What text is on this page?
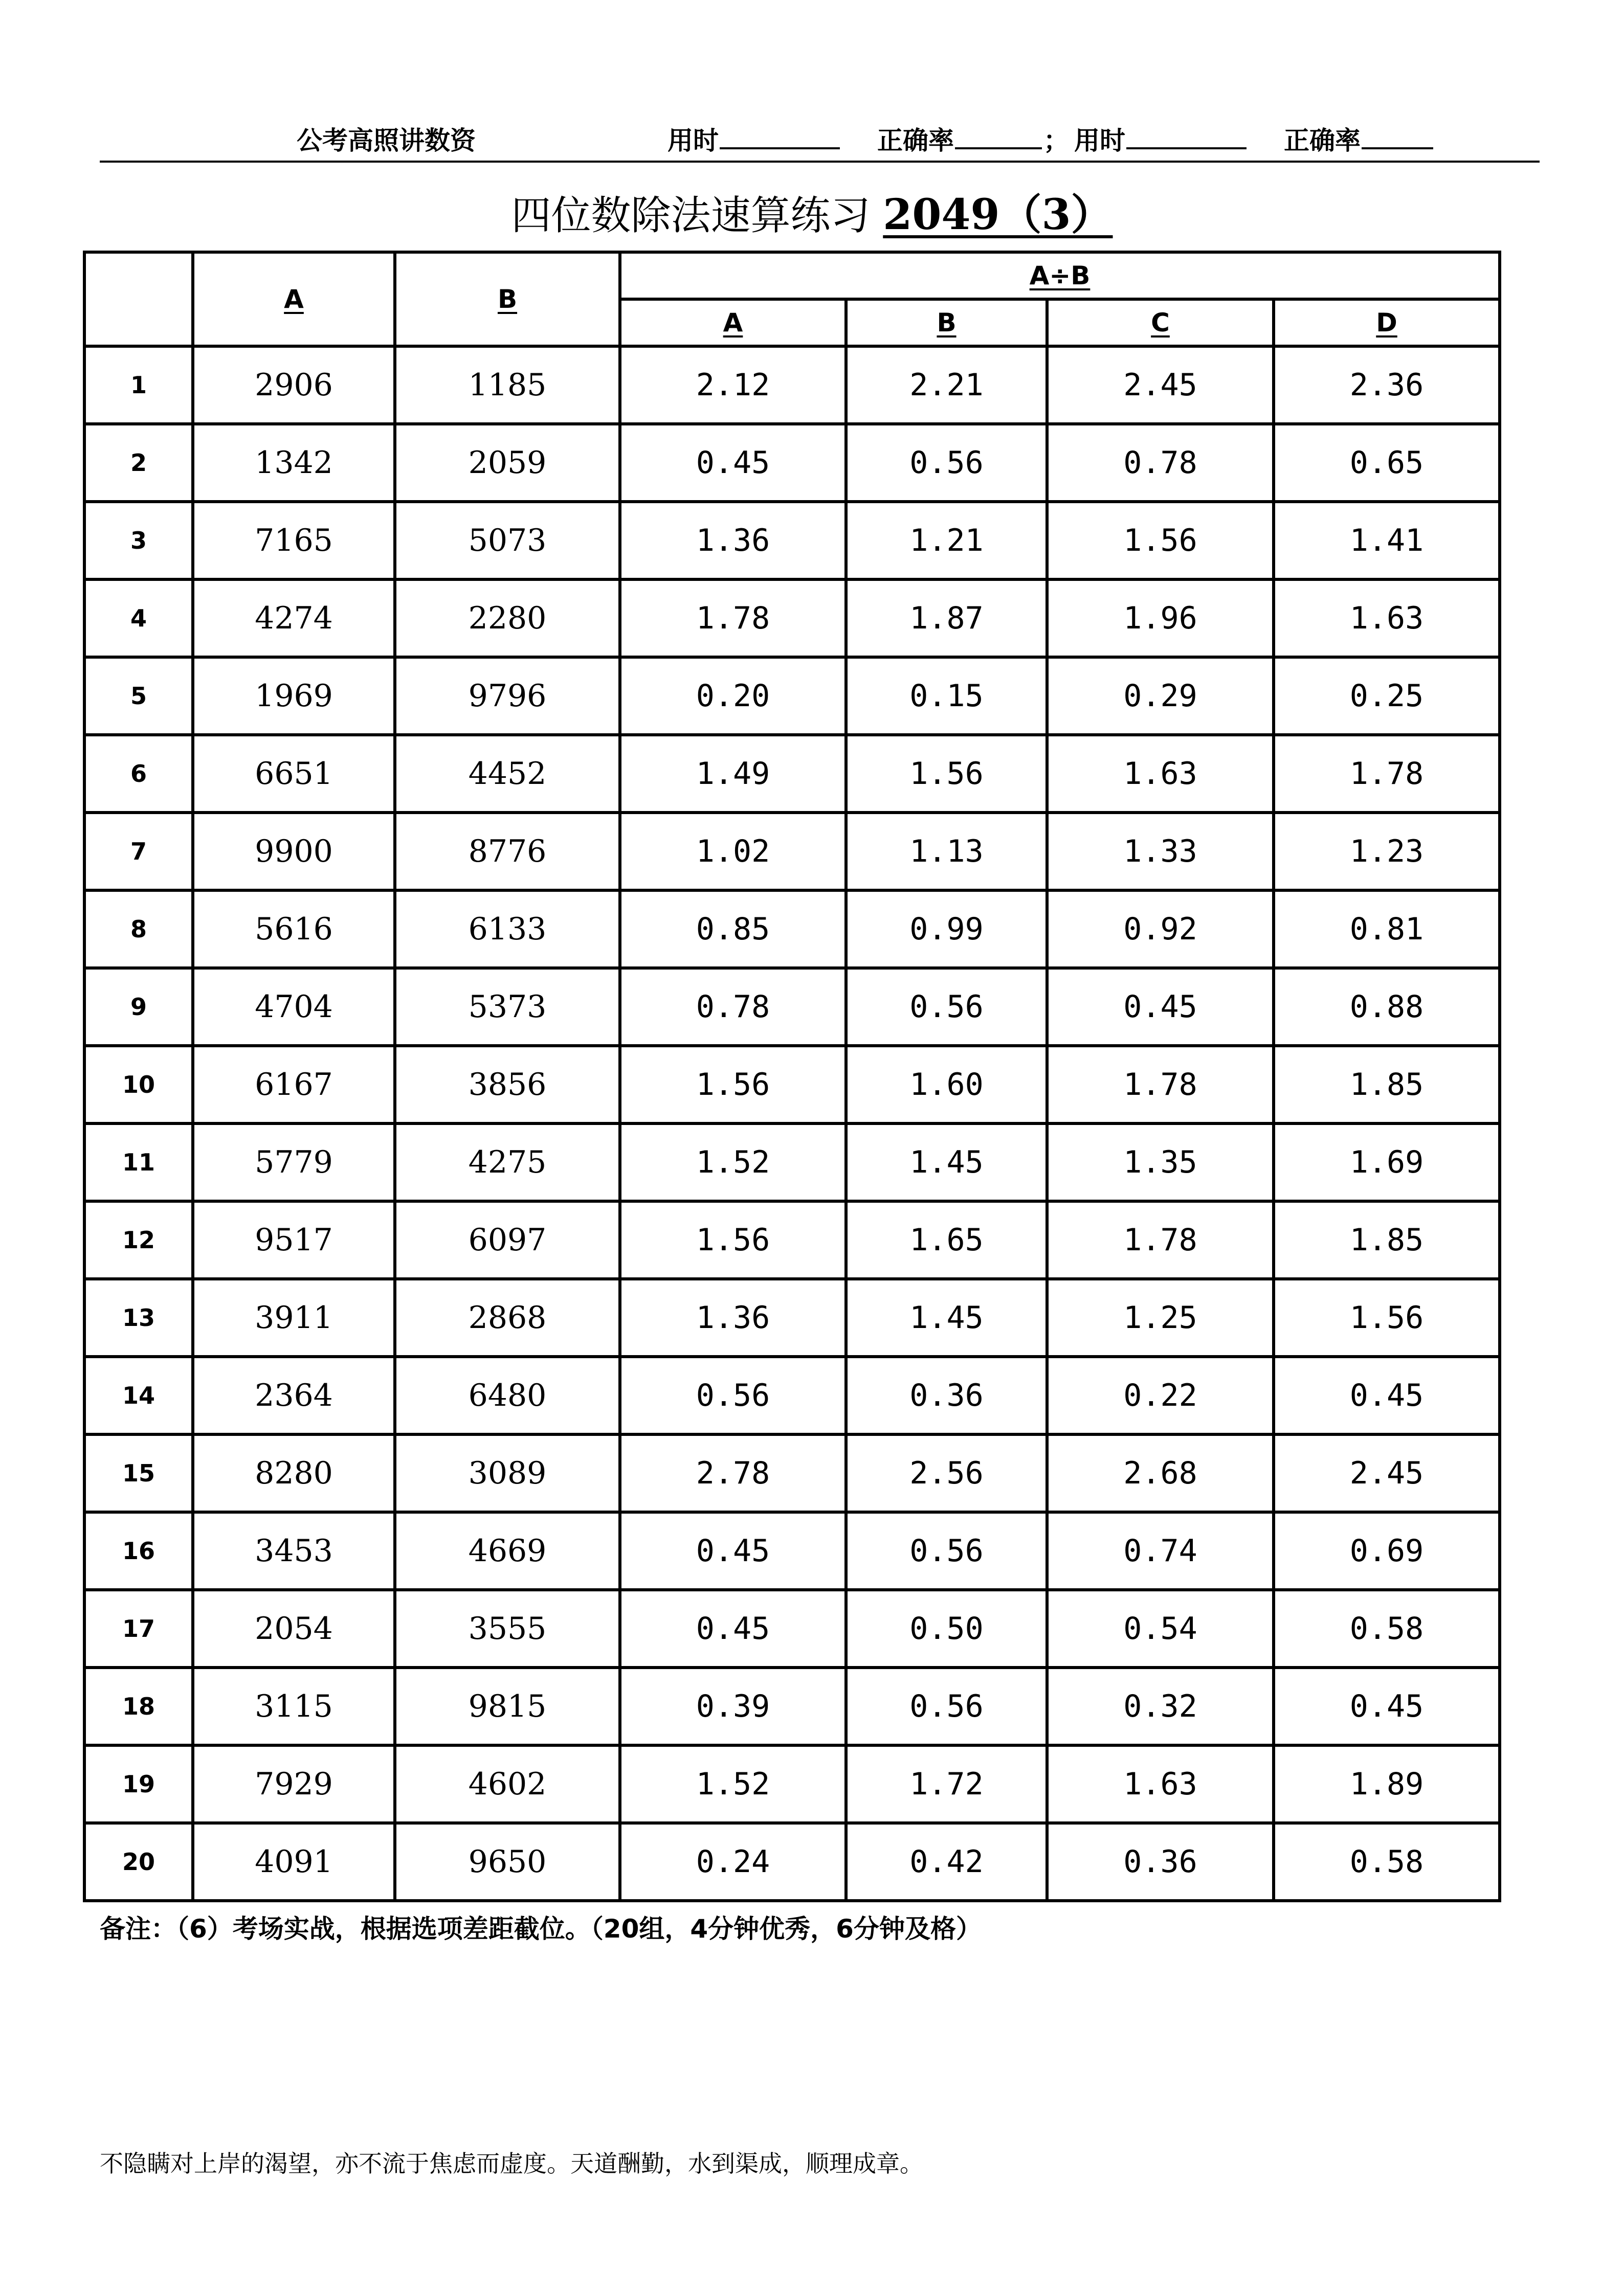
公考高照讲数资	用时	正确率	； 用时	正确率
四位数除法速算练习 2049（3）
	A	B	A÷B			
			A	B	C	D
1	2906	1185	2.12	2.21	2.45	2.36
2	1342	2059	0.45	0.56	0.78	0.65
3	7165	5073	1.36	1.21	1.56	1.41
4	4274	2280	1.78	1.87	1.96	1.63
5	1969	9796	0.20	0.15	0.29	0.25
6	6651	4452	1.49	1.56	1.63	1.78
7	9900	8776	1.02	1.13	1.33	1.23
8	5616	6133	0.85	0.99	0.92	0.81
9	4704	5373	0.78	0.56	0.45	0.88
10	6167	3856	1.56	1.60	1.78	1.85
11	5779	4275	1.52	1.45	1.35	1.69
12	9517	6097	1.56	1.65	1.78	1.85
13	3911	2868	1.36	1.45	1.25	1.56
14	2364	6480	0.56	0.36	0.22	0.45
15	8280	3089	2.78	2.56	2.68	2.45
16	3453	4669	0.45	0.56	0.74	0.69
17	2054	3555	0.45	0.50	0.54	0.58
18	3115	9815	0.39	0.56	0.32	0.45
19	7929	4602	1.52	1.72	1.63	1.89
20	4091	9650	0.24	0.42	0.36	0.58
备注：（6）考场实战，根据选项差距截位。（20组，4分钟优秀，6分钟及格）
不隐瞒对上岸的渴望，亦不流于焦虑而虚度。天道酬勤，水到渠成，顺理成章。
